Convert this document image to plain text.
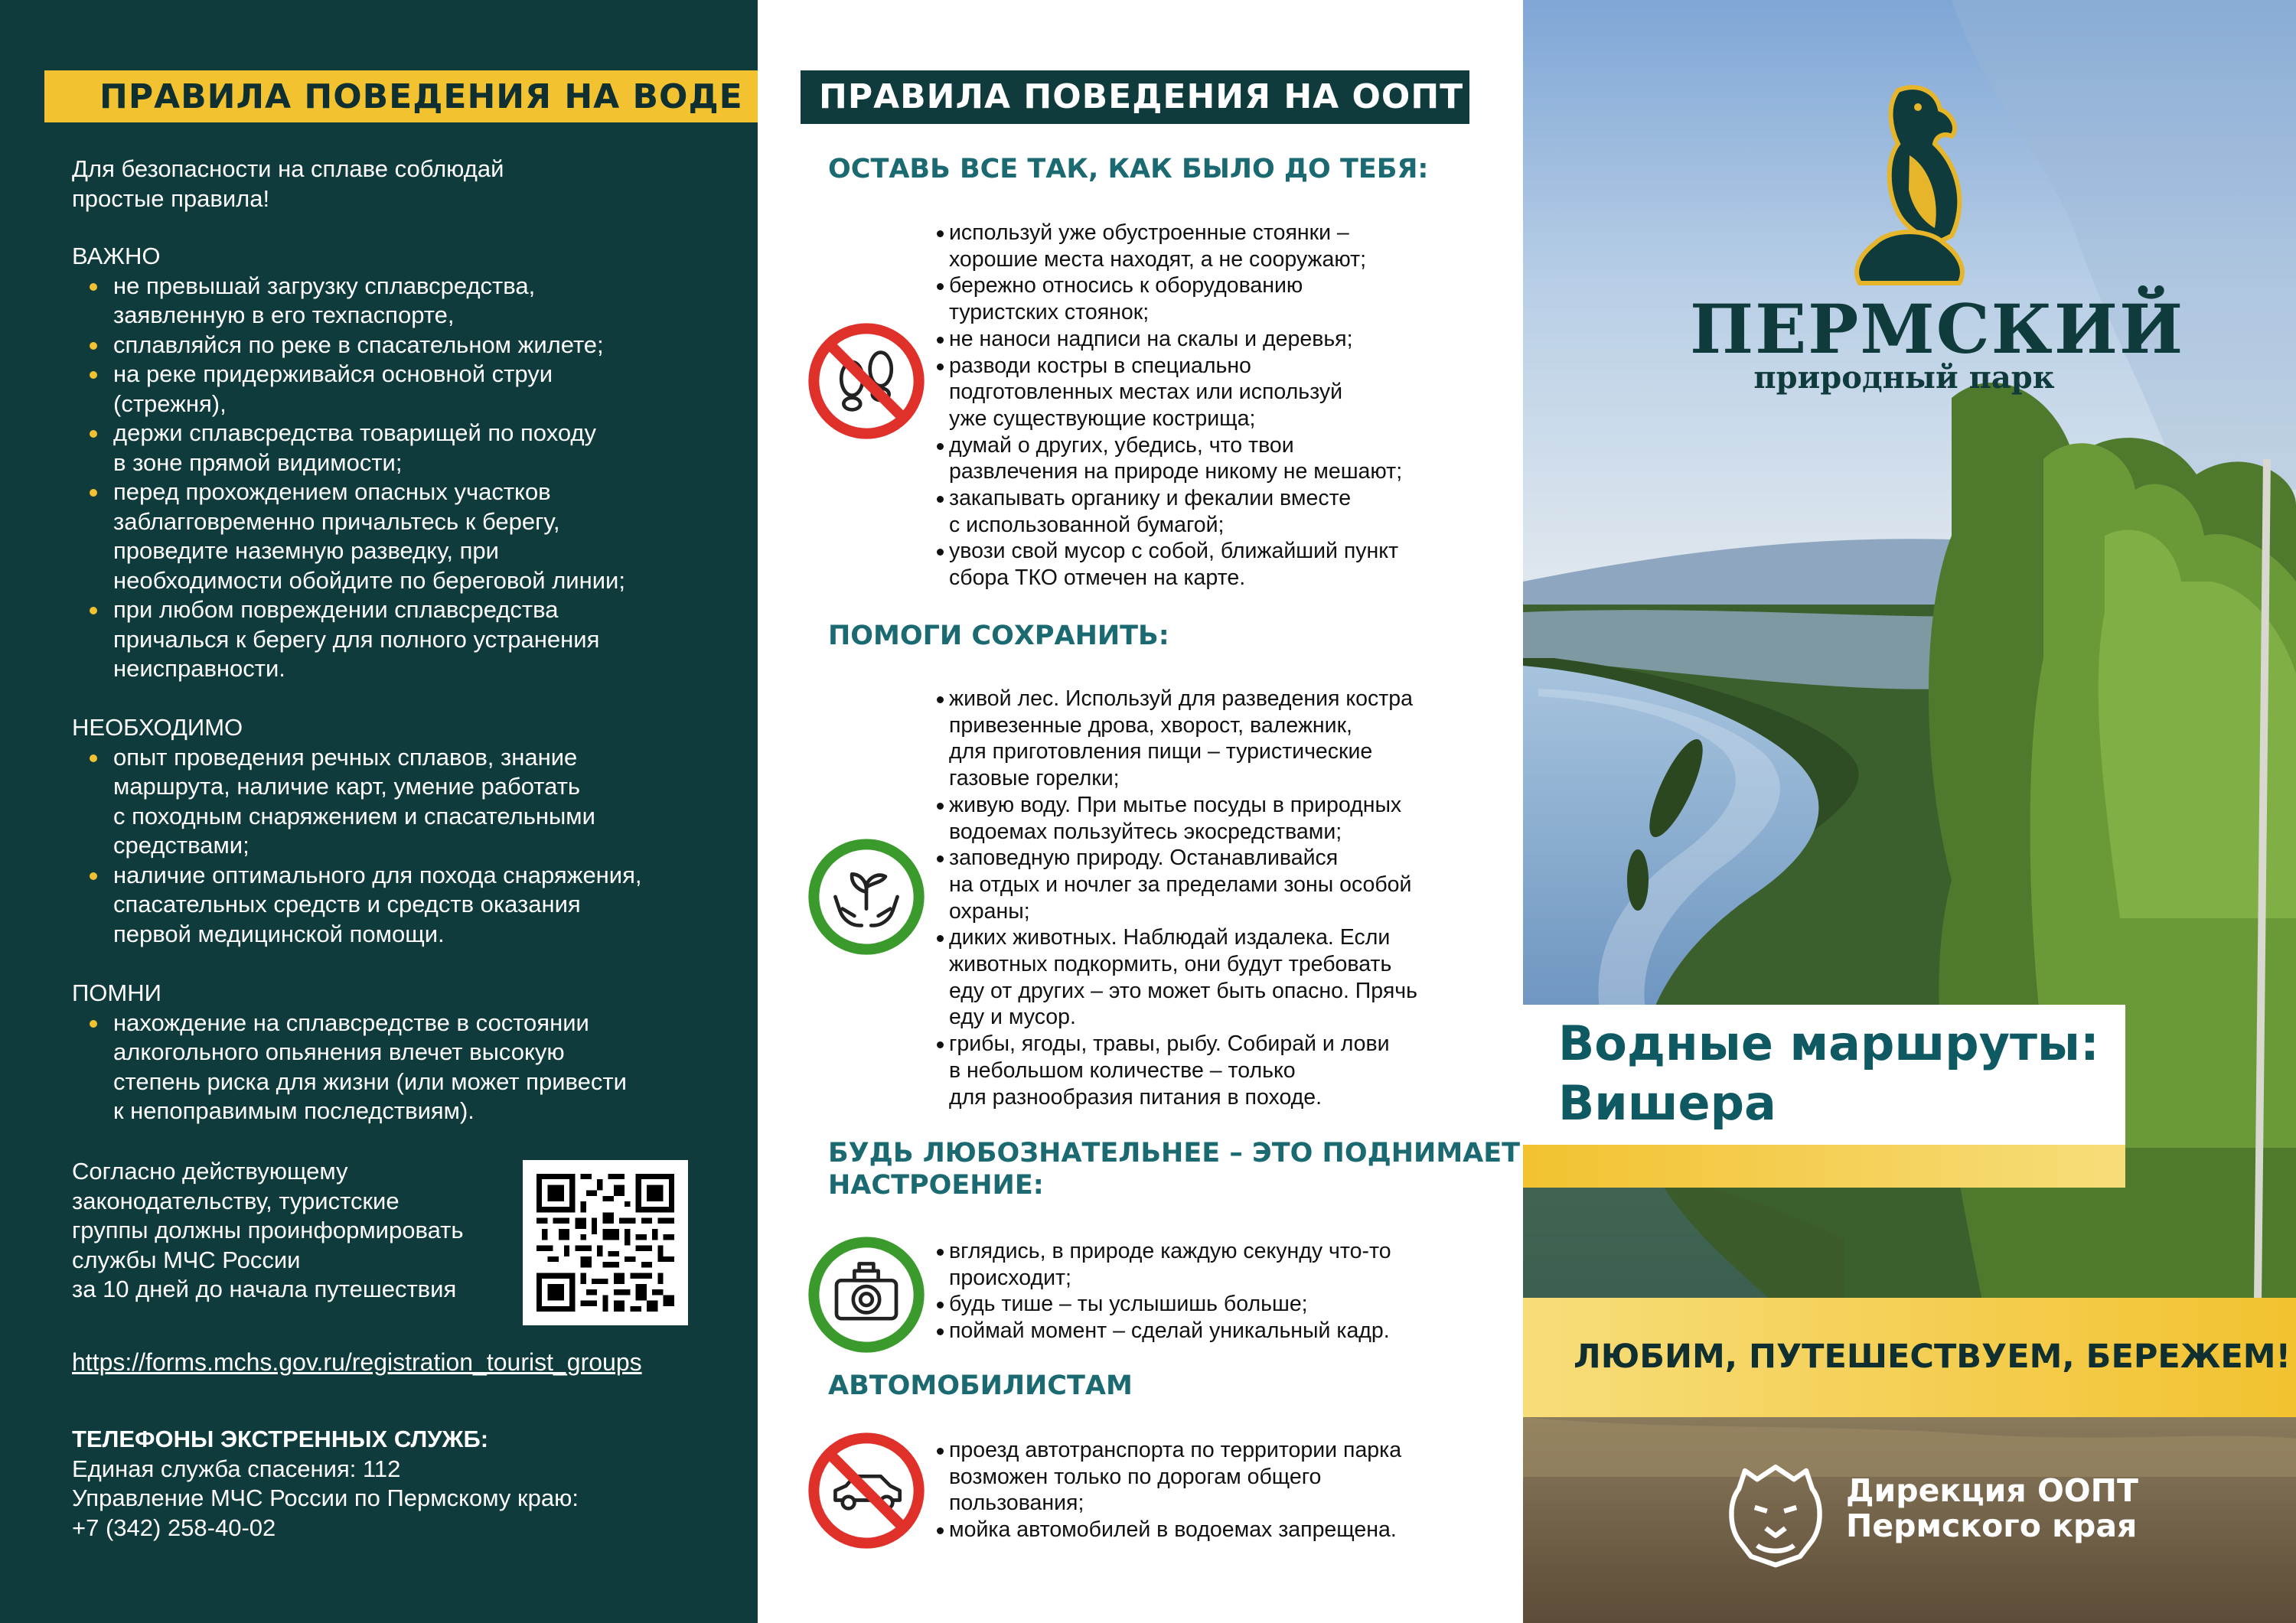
ПРАВИЛА ПОВЕДЕНИЯ НА ВОДЕ
Для безопасности на сплаве соблюдай
простые правила!
ВАЖНО
не превышай загрузку сплавсредства,
заявленную в его техпаспорте,
сплавляйся по реке в спасательном жилете;
на реке придерживайся основной струи
(стрежня),
держи сплавсредства товарищей по походу
в зоне прямой видимости;
перед прохождением опасных участков
заблагговременно причальтесь к берегу,
проведите наземную разведку, при
необходимости обойдите по береговой линии;
при любом повреждении сплавсредства
причалься к берегу для полного устранения
неисправности.
НЕОБХОДИМО
опыт проведения речных сплавов, знание
маршрута, наличие карт, умение работать
с походным снаряжением и спасательными
средствами;
наличие оптимального для похода снаряжения,
спасательных средств и средств оказания
первой медицинской помощи.
ПОМНИ
нахождение на сплавсредстве в состоянии
алкогольного опьянения влечет высокую
степень риска для жизни (или может привести
к непоправимым последствиям).
Согласно действующему
законодательству, туристские
группы должны проинформировать
службы МЧС России
за 10 дней до начала путешествия
https://forms.mchs.gov.ru/registration_tourist_groups
ТЕЛЕФОНЫ ЭКСТРЕННЫХ СЛУЖБ:
Единая служба спасения: 112
Управление МЧС России по Пермскому краю:
+7 (342) 258-40-02
ПРАВИЛА ПОВЕДЕНИЯ НА ООПТ
ОСТАВЬ ВСЕ ТАК, КАК БЫЛО ДО ТЕБЯ:
используй уже обустроенные стоянки –
хорошие места находят, а не сооружают;
бережно относись к оборудованию
туристских стоянок;
не наноси надписи на скалы и деревья;
разводи костры в специально
подготовленных местах или используй
уже существующие кострища;
думай о других, убедись, что твои
развлечения на природе никому не мешают;
закапывать органику и фекалии вместе
с использованной бумагой;
увози свой мусор с собой, ближайший пункт
сбора ТКО отмечен на карте.
ПОМОГИ СОХРАНИТЬ:
живой лес. Используй для разведения костра
привезенные дрова, хворост, валежник,
для приготовления пищи – туристические
газовые горелки;
живую воду. При мытье посуды в природных
водоемах пользуйтесь экосредствами;
заповедную природу. Останавливайся
на отдых и ночлег за пределами зоны особой
охраны;
диких животных. Наблюдай издалека. Если
животных подкормить, они будут требовать
еду от других – это может быть опасно. Прячь
еду и мусор.
грибы, ягоды, травы, рыбу. Собирай и лови
в небольшом количестве – только
для разнообразия питания в походе.
БУДЬ ЛЮБОЗНАТЕЛЬНЕЕ – ЭТО ПОДНИМАЕТ
НАСТРОЕНИЕ:
вглядись, в природе каждую секунду что-то
происходит;
будь тише – ты услышишь больше;
поймай момент – сделай уникальный кадр.
АВТОМОБИЛИСТАМ
проезд автотранспорта по территории парка
возможен только по дорогам общего
пользования;
мойка автомобилей в водоемах запрещена.
ПЕРМСКИЙ
природный парк
Водные маршруты:
Вишера
ЛЮБИМ, ПУТЕШЕСТВУЕМ, БЕРЕЖЕМ!
Дирекция ООПТ
Пермского края
